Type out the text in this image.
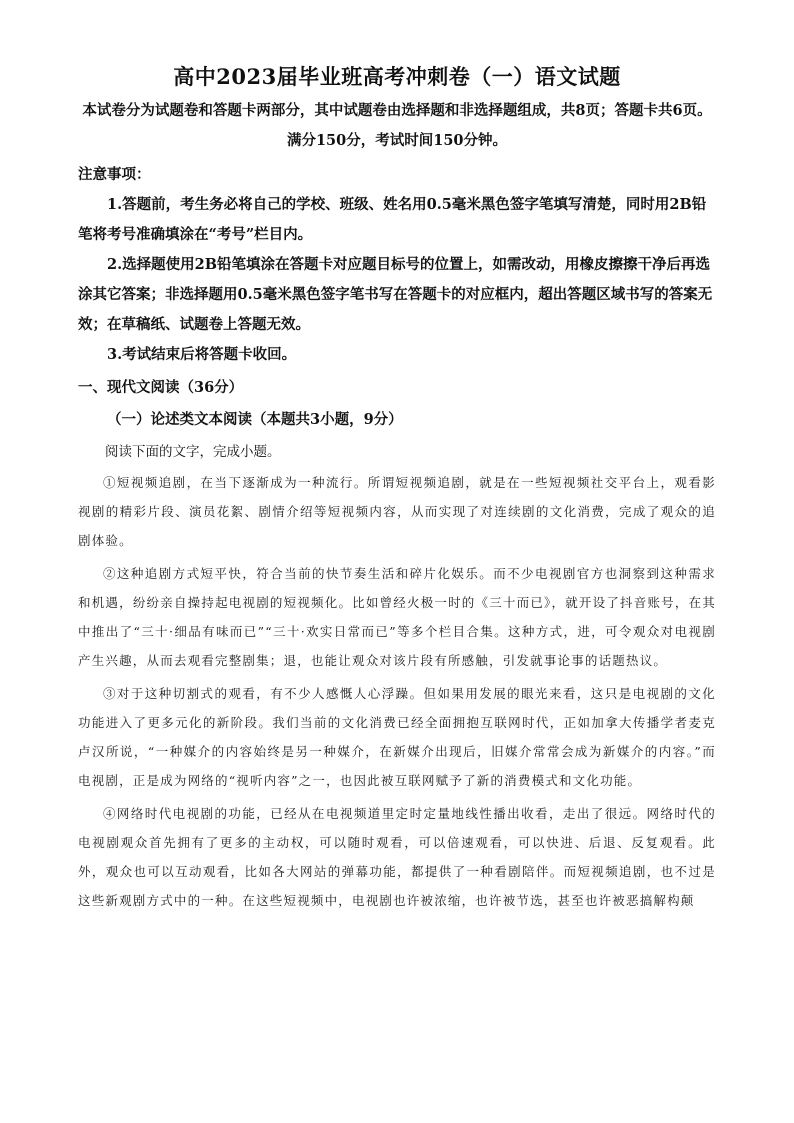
高中2023届毕业班高考冲刺卷（一）语文试题

本试卷分为试题卷和答题卡两部分，其中试题卷由选择题和非选择题组成，共8页；答题卡共6页。

满分150分，考试时间150分钟。

注意事项：

1.答题前，考生务必将自己的学校、班级、姓名用0.5毫米黑色签字笔填写清楚，同时用2B铅笔将考号准确填涂在“考号”栏目内。

2.选择题使用2B铅笔填涂在答题卡对应题目标号的位置上，如需改动，用橡皮擦擦干净后再选涂其它答案；非选择题用0.5毫米黑色签字笔书写在答题卡的对应框内，超出答题区域书写的答案无效；在草稿纸、试题卷上答题无效。

3.考试结束后将答题卡收回。

一、现代文阅读（36分）

（一）论述类文本阅读（本题共3小题，9分）

阅读下面的文字，完成小题。

①短视频追剧，在当下逐渐成为一种流行。所谓短视频追剧，就是在一些短视频社交平台上，观看影视剧的精彩片段、演员花絮、剧情介绍等短视频内容，从而实现了对连续剧的文化消费，完成了观众的追剧体验。

②这种追剧方式短平快，符合当前的快节奏生活和碎片化娱乐。而不少电视剧官方也洞察到这种需求和机遇，纷纷亲自操持起电视剧的短视频化。比如曾经火极一时的《三十而已》，就开设了抖音账号，在其中推出了“三十·细品有味而已”“三十·欢实日常而已”等多个栏目合集。这种方式，进，可令观众对电视剧产生兴趣，从而去观看完整剧集；退，也能让观众对该片段有所感触，引发就事论事的话题热议。

③对于这种切割式的观看，有不少人感慨人心浮躁。但如果用发展的眼光来看，这只是电视剧的文化功能进入了更多元化的新阶段。我们当前的文化消费已经全面拥抱互联网时代，正如加拿大传播学者麦克卢汉所说，“一种媒介的内容始终是另一种媒介，在新媒介出现后，旧媒介常常会成为新媒介的内容。”而电视剧，正是成为网络的“视听内容”之一，也因此被互联网赋予了新的消费模式和文化功能。

④网络时代电视剧的功能，已经从在电视频道里定时定量地线性播出收看，走出了很远。网络时代的电视剧观众首先拥有了更多的主动权，可以随时观看，可以倍速观看，可以快进、后退、反复观看。此外，观众也可以互动观看，比如各大网站的弹幕功能，都提供了一种看剧陪伴。而短视频追剧，也不过是这些新观剧方式中的一种。在这些短视频中，电视剧也许被浓缩，也许被节选，甚至也许被恶搞解构颠
